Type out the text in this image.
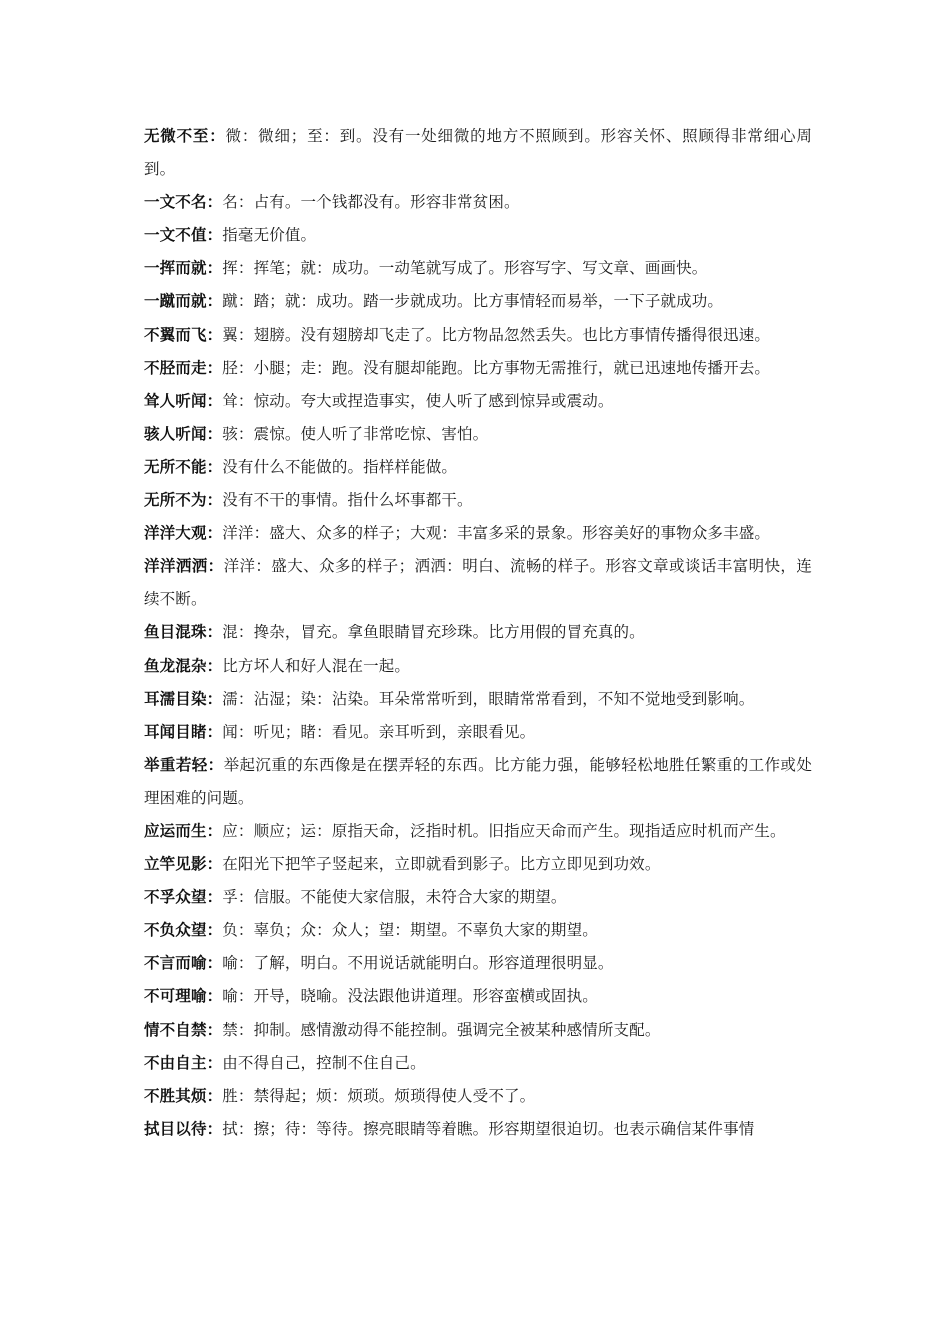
无微不至：微：微细；至：到。没有一处细微的地方不照顾到。形容关怀、照顾得非常细心周到。

一文不名：名：占有。一个钱都没有。形容非常贫困。

一文不值：指毫无价值。

一挥而就：挥：挥笔；就：成功。一动笔就写成了。形容写字、写文章、画画快。

一蹴而就：蹴：踏；就：成功。踏一步就成功。比方事情轻而易举，一下子就成功。

不翼而飞：翼：翅膀。没有翅膀却飞走了。比方物品忽然丢失。也比方事情传播得很迅速。

不胫而走：胫：小腿；走：跑。没有腿却能跑。比方事物无需推行，就已迅速地传播开去。

耸人听闻：耸：惊动。夸大或捏造事实，使人听了感到惊异或震动。

骇人听闻：骇：震惊。使人听了非常吃惊、害怕。

无所不能：没有什么不能做的。指样样能做。

无所不为：没有不干的事情。指什么坏事都干。

洋洋大观：洋洋：盛大、众多的样子；大观：丰富多采的景象。形容美好的事物众多丰盛。

洋洋洒洒：洋洋：盛大、众多的样子；洒洒：明白、流畅的样子。形容文章或谈话丰富明快，连续不断。

鱼目混珠：混：搀杂，冒充。拿鱼眼睛冒充珍珠。比方用假的冒充真的。

鱼龙混杂：比方坏人和好人混在一起。

耳濡目染：濡：沾湿；染：沾染。耳朵常常听到，眼睛常常看到，不知不觉地受到影响。

耳闻目睹：闻：听见；睹：看见。亲耳听到，亲眼看见。

举重若轻：举起沉重的东西像是在摆弄轻的东西。比方能力强，能够轻松地胜任繁重的工作或处理困难的问题。

应运而生：应：顺应；运：原指天命，泛指时机。旧指应天命而产生。现指适应时机而产生。

立竿见影：在阳光下把竿子竖起来，立即就看到影子。比方立即见到功效。

不孚众望：孚：信服。不能使大家信服，未符合大家的期望。

不负众望：负：辜负；众：众人；望：期望。不辜负大家的期望。

不言而喻：喻：了解，明白。不用说话就能明白。形容道理很明显。

不可理喻：喻：开导，晓喻。没法跟他讲道理。形容蛮横或固执。

情不自禁：禁：抑制。感情激动得不能控制。强调完全被某种感情所支配。

不由自主：由不得自己，控制不住自己。

不胜其烦：胜：禁得起；烦：烦琐。烦琐得使人受不了。

拭目以待：拭：擦；待：等待。擦亮眼睛等着瞧。形容期望很迫切。也表示确信某件事情
